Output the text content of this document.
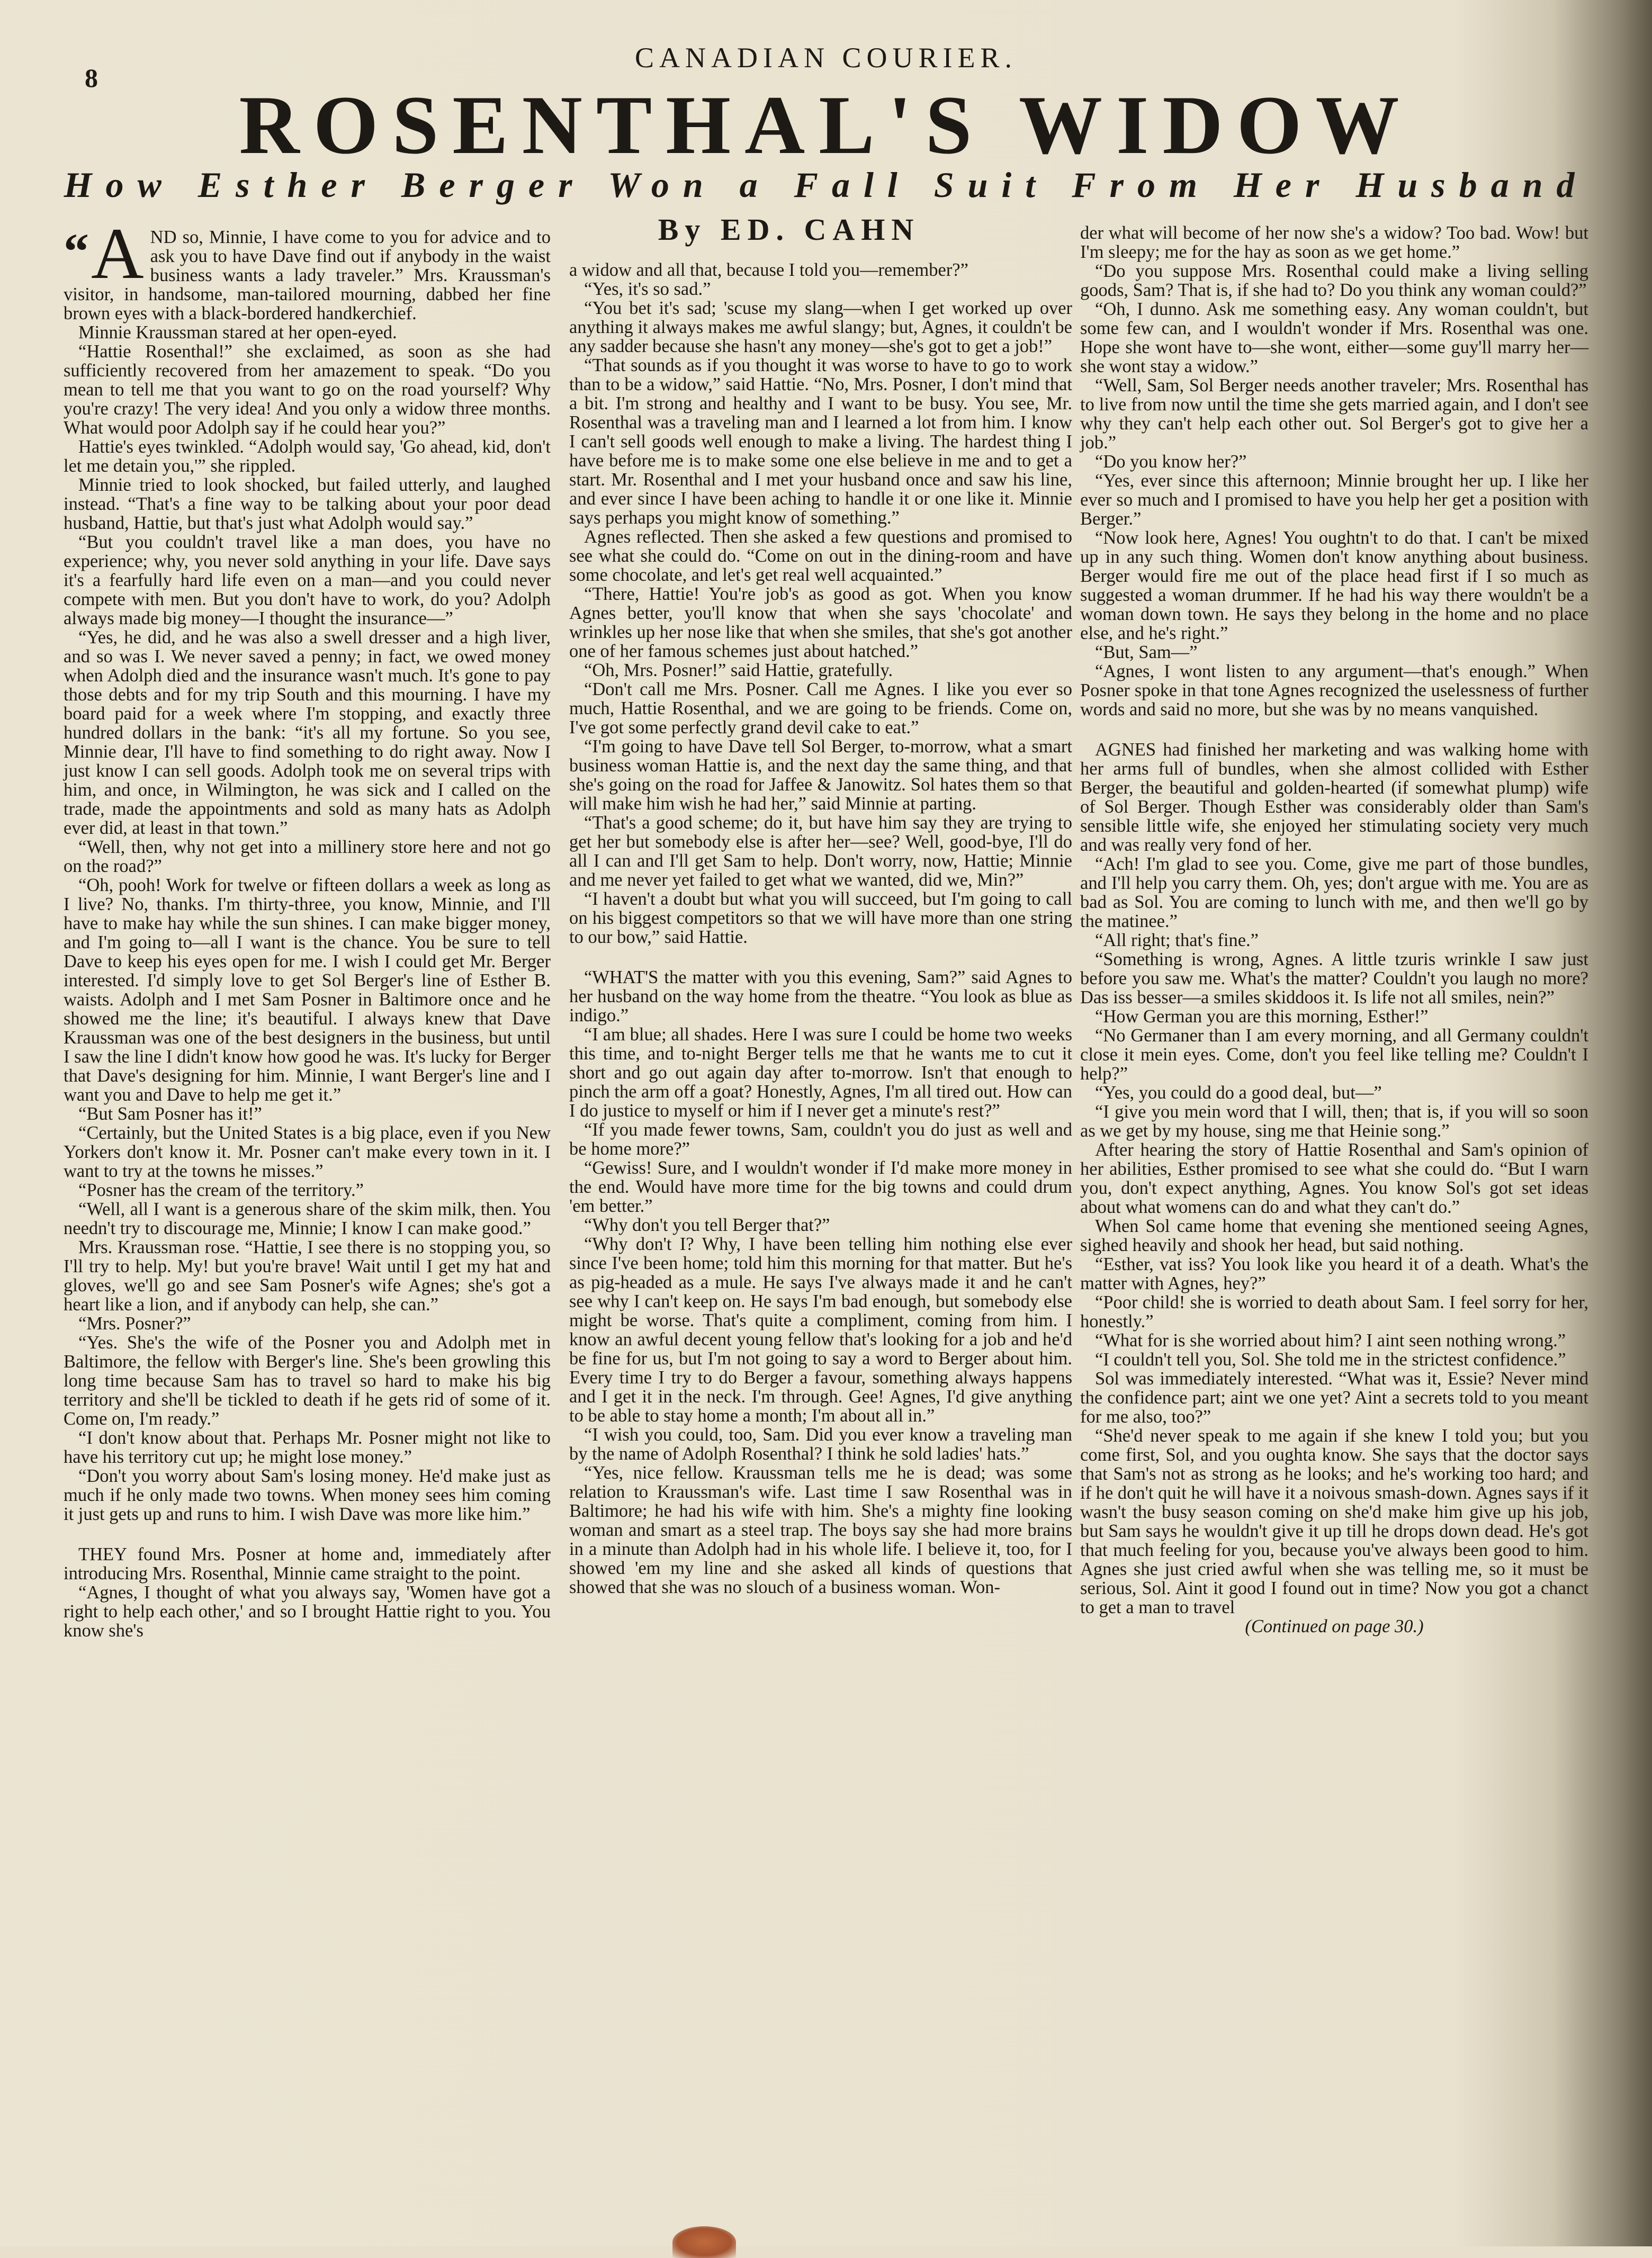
8
CANADIAN COURIER.
ROSENTHAL'S WIDOW
How Esther Berger Won a Fall Suit From Her Husband
By ED. CAHN

“ A ND so, Minnie, I have come to you for advice and to ask you to have Dave find out if anybody in the waist business wants a lady traveler.” Mrs. Kraussman's visitor, in handsome, man-tailored mourning, dabbed her fine brown eyes with a black-bordered handkerchief.

Minnie Kraussman stared at her open-eyed.

“Hattie Rosenthal!” she exclaimed, as soon as she had sufficiently recovered from her amazement to speak. “Do you mean to tell me that you want to go on the road yourself? Why you're crazy! The very idea! And you only a widow three months. What would poor Adolph say if he could hear you?”

Hattie's eyes twinkled. “Adolph would say, 'Go ahead, kid, don't let me detain you,'” she rippled.

Minnie tried to look shocked, but failed utterly, and laughed instead. “That's a fine way to be talking about your poor dead husband, Hattie, but that's just what Adolph would say.”

“But you couldn't travel like a man does, you have no experience; why, you never sold anything in your life. Dave says it's a fearfully hard life even on a man—and you could never compete with men. But you don't have to work, do you? Adolph always made big money—I thought the insurance—”

“Yes, he did, and he was also a swell dresser and a high liver, and so was I. We never saved a penny; in fact, we owed money when Adolph died and the insurance wasn't much. It's gone to pay those debts and for my trip South and this mourning. I have my board paid for a week where I'm stopping, and exactly three hundred dollars in the bank: “it's all my fortune. So you see, Minnie dear, I'll have to find something to do right away. Now I just know I can sell goods. Adolph took me on several trips with him, and once, in Wilmington, he was sick and I called on the trade, made the appointments and sold as many hats as Adolph ever did, at least in that town.”

“Well, then, why not get into a millinery store here and not go on the road?”

“Oh, pooh! Work for twelve or fifteen dollars a week as long as I live? No, thanks. I'm thirty-three, you know, Minnie, and I'll have to make hay while the sun shines. I can make bigger money, and I'm going to—all I want is the chance. You be sure to tell Dave to keep his eyes open for me. I wish I could get Mr. Berger interested. I'd simply love to get Sol Berger's line of Esther B. waists. Adolph and I met Sam Posner in Baltimore once and he showed me the line; it's beautiful. I always knew that Dave Kraussman was one of the best designers in the business, but until I saw the line I didn't know how good he was. It's lucky for Berger that Dave's designing for him. Minnie, I want Berger's line and I want you and Dave to help me get it.”

“But Sam Posner has it!”

“Certainly, but the United States is a big place, even if you New Yorkers don't know it. Mr. Posner can't make every town in it. I want to try at the towns he misses.”

“Posner has the cream of the territory.”

“Well, all I want is a generous share of the skim milk, then. You needn't try to discourage me, Minnie; I know I can make good.”

Mrs. Kraussman rose. “Hattie, I see there is no stopping you, so I'll try to help. My! but you're brave! Wait until I get my hat and gloves, we'll go and see Sam Posner's wife Agnes; she's got a heart like a lion, and if anybody can help, she can.”

“Mrs. Posner?”

“Yes. She's the wife of the Posner you and Adolph met in Baltimore, the fellow with Berger's line. She's been growling this long time because Sam has to travel so hard to make his big territory and she'll be tickled to death if he gets rid of some of it. Come on, I'm ready.”

“I don't know about that. Perhaps Mr. Posner might not like to have his territory cut up; he might lose money.”

“Don't you worry about Sam's losing money. He'd make just as much if he only made two towns. When money sees him coming it just gets up and runs to him. I wish Dave was more like him.”

THEY found Mrs. Posner at home and, immediately after introducing Mrs. Rosenthal, Minnie came straight to the point.

“Agnes, I thought of what you always say, 'Women have got a right to help each other,' and so I brought Hattie right to you. You know she's

a widow and all that, because I told you—remember?”

“Yes, it's so sad.”

“You bet it's sad; 'scuse my slang—when I get worked up over anything it always makes me awful slangy; but, Agnes, it couldn't be any sadder because she hasn't any money—she's got to get a job!”

“That sounds as if you thought it was worse to have to go to work than to be a widow,” said Hattie. “No, Mrs. Posner, I don't mind that a bit. I'm strong and healthy and I want to be busy. You see, Mr. Rosenthal was a traveling man and I learned a lot from him. I know I can't sell goods well enough to make a living. The hardest thing I have before me is to make some one else believe in me and to get a start. Mr. Rosenthal and I met your husband once and saw his line, and ever since I have been aching to handle it or one like it. Minnie says perhaps you might know of something.”

Agnes reflected. Then she asked a few questions and promised to see what she could do. “Come on out in the dining-room and have some chocolate, and let's get real well acquainted.”

“There, Hattie! You're job's as good as got. When you know Agnes better, you'll know that when she says 'chocolate' and wrinkles up her nose like that when she smiles, that she's got another one of her famous schemes just about hatched.”

“Oh, Mrs. Posner!” said Hattie, gratefully.

“Don't call me Mrs. Posner. Call me Agnes. I like you ever so much, Hattie Rosenthal, and we are going to be friends. Come on, I've got some perfectly grand devil cake to eat.”

“I'm going to have Dave tell Sol Berger, to-morrow, what a smart business woman Hattie is, and the next day the same thing, and that she's going on the road for Jaffee & Janowitz. Sol hates them so that will make him wish he had her,” said Minnie at parting.

“That's a good scheme; do it, but have him say they are trying to get her but somebody else is after her—see? Well, good-bye, I'll do all I can and I'll get Sam to help. Don't worry, now, Hattie; Minnie and me never yet failed to get what we wanted, did we, Min?”

“I haven't a doubt but what you will succeed, but I'm going to call on his biggest competitors so that we will have more than one string to our bow,” said Hattie.

“WHAT'S the matter with you this evening, Sam?” said Agnes to her husband on the way home from the theatre. “You look as blue as indigo.”

“I am blue; all shades. Here I was sure I could be home two weeks this time, and to-night Berger tells me that he wants me to cut it short and go out again day after to-morrow. Isn't that enough to pinch the arm off a goat? Honestly, Agnes, I'm all tired out. How can I do justice to myself or him if I never get a minute's rest?”

“If you made fewer towns, Sam, couldn't you do just as well and be home more?”

“Gewiss! Sure, and I wouldn't wonder if I'd make more money in the end. Would have more time for the big towns and could drum 'em better.”

“Why don't you tell Berger that?”

“Why don't I? Why, I have been telling him nothing else ever since I've been home; told him this morning for that matter. But he's as pig-headed as a mule. He says I've always made it and he can't see why I can't keep on. He says I'm bad enough, but somebody else might be worse. That's quite a compliment, coming from him. I know an awful decent young fellow that's looking for a job and he'd be fine for us, but I'm not going to say a word to Berger about him. Every time I try to do Berger a favour, something always happens and I get it in the neck. I'm through. Gee! Agnes, I'd give anything to be able to stay home a month; I'm about all in.”

“I wish you could, too, Sam. Did you ever know a traveling man by the name of Adolph Rosenthal? I think he sold ladies' hats.”

“Yes, nice fellow. Kraussman tells me he is dead; was some relation to Kraussman's wife. Last time I saw Rosenthal was in Baltimore; he had his wife with him. She's a mighty fine looking woman and smart as a steel trap. The boys say she had more brains in a minute than Adolph had in his whole life. I believe it, too, for I showed 'em my line and she asked all kinds of questions that showed that she was no slouch of a business woman. Won-

der what will become of her now she's a widow? Too bad. Wow! but I'm sleepy; me for the hay as soon as we get home.”

“Do you suppose Mrs. Rosenthal could make a living selling goods, Sam? That is, if she had to? Do you think any woman could?”

“Oh, I dunno. Ask me something easy. Any woman couldn't, but some few can, and I wouldn't wonder if Mrs. Rosenthal was one. Hope she wont have to—she wont, either—some guy'll marry her—she wont stay a widow.”

“Well, Sam, Sol Berger needs another traveler; Mrs. Rosenthal has to live from now until the time she gets married again, and I don't see why they can't help each other out. Sol Berger's got to give her a job.”

“Do you know her?”

“Yes, ever since this afternoon; Minnie brought her up. I like her ever so much and I promised to have you help her get a position with Berger.”

“Now look here, Agnes! You oughtn't to do that. I can't be mixed up in any such thing. Women don't know anything about business. Berger would fire me out of the place head first if I so much as suggested a woman drummer. If he had his way there wouldn't be a woman down town. He says they belong in the home and no place else, and he's right.”

“But, Sam—”

“Agnes, I wont listen to any argument—that's enough.” When Posner spoke in that tone Agnes recognized the uselessness of further words and said no more, but she was by no means vanquished.

AGNES had finished her marketing and was walking home with her arms full of bundles, when she almost collided with Esther Berger, the beautiful and golden-hearted (if somewhat plump) wife of Sol Berger. Though Esther was considerably older than Sam's sensible little wife, she enjoyed her stimulating society very much and was really very fond of her.

“Ach! I'm glad to see you. Come, give me part of those bundles, and I'll help you carry them. Oh, yes; don't argue with me. You are as bad as Sol. You are coming to lunch with me, and then we'll go by the matinee.”

“All right; that's fine.”

“Something is wrong, Agnes. A little tzuris wrinkle I saw just before you saw me. What's the matter? Couldn't you laugh no more? Das iss besser—a smiles skiddoos it. Is life not all smiles, nein?”

“How German you are this morning, Esther!”

“No Germaner than I am every morning, and all Germany couldn't close it mein eyes. Come, don't you feel like telling me? Couldn't I help?”

“Yes, you could do a good deal, but—”

“I give you mein word that I will, then; that is, if you will so soon as we get by my house, sing me that Heinie song.”

After hearing the story of Hattie Rosenthal and Sam's opinion of her abilities, Esther promised to see what she could do. “But I warn you, don't expect anything, Agnes. You know Sol's got set ideas about what womens can do and what they can't do.”

When Sol came home that evening she mentioned seeing Agnes, sighed heavily and shook her head, but said nothing.

“Esther, vat iss? You look like you heard it of a death. What's the matter with Agnes, hey?”

“Poor child! she is worried to death about Sam. I feel sorry for her, honestly.”

“What for is she worried about him? I aint seen nothing wrong.”

“I couldn't tell you, Sol. She told me in the strictest confidence.”

Sol was immediately interested. “What was it, Essie? Never mind the confidence part; aint we one yet? Aint a secrets told to you meant for me also, too?”

“She'd never speak to me again if she knew I told you; but you come first, Sol, and you oughta know. She says that the doctor says that Sam's not as strong as he looks; and he's working too hard; and if he don't quit he will have it a noivous smash-down. Agnes says if it wasn't the busy season coming on she'd make him give up his job, but Sam says he wouldn't give it up till he drops down dead. He's got that much feeling for you, because you've always been good to him. Agnes she just cried awful when she was telling me, so it must be serious, Sol. Aint it good I found out in time? Now you got a chanct to get a man to travel

(Continued on page 30.)
